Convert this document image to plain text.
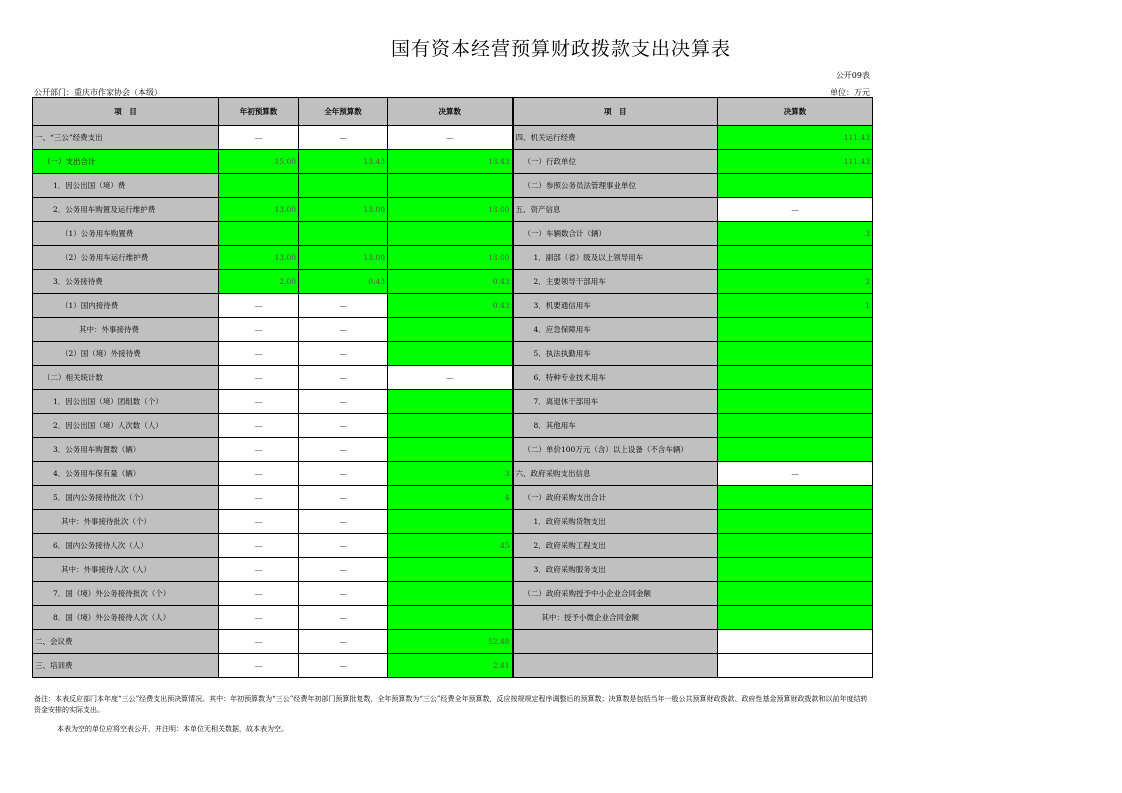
国有资本经营预算财政拨款支出决算表
公开09表
公开部门：重庆市作家协会（本级）	单位：万元
项　目	年初预算数	全年预算数	决算数	项　目	决算数
一、“三公”经费支出	—	—	—	四、机关运行经费	111.43
（一）支出合计	15.00	13.43	13.43	（一）行政单位	111.43
1．因公出国（境）费				（二）参照公务员法管理事业单位	
2．公务用车购置及运行维护费	13.00	13.00	13.00	五、资产信息	—
（1）公务用车购置费				（一）车辆数合计（辆）	3
（2）公务用车运行维护费	13.00	13.00	13.00	1．副部（省）级及以上领导用车	
3．公务接待费	2.00	0.43	0.43	2．主要领导干部用车	2
（1）国内接待费	—	—	0.43	3．机要通信用车	1
其中：外事接待费	—	—		4．应急保障用车	
（2）国（境）外接待费	—	—		5．执法执勤用车	
（二）相关统计数	—	—	—	6．特种专业技术用车	
1．因公出国（境）团组数（个）	—	—		7．离退休干部用车	
2．因公出国（境）人次数（人）	—	—		8．其他用车	
3．公务用车购置数（辆）	—	—		（二）单价100万元（含）以上设备（不含车辆）	
4．公务用车保有量（辆）	—	—	3	六、政府采购支出信息	—
5．国内公务接待批次（个）	—	—	4	（一）政府采购支出合计	
其中：外事接待批次（个）	—	—		1．政府采购货物支出	
6．国内公务接待人次（人）	—	—	45	2．政府采购工程支出	
其中：外事接待人次（人）	—	—		3．政府采购服务支出	
7．国（境）外公务接待批次（个）	—	—		（二）政府采购授予中小企业合同金额	
8．国（境）外公务接待人次（人）	—	—		其中：授予小微企业合同金额	
二、会议费	—	—	52.48		
三、培训费	—	—	2.41		
备注：本表反应部门本年度“三公”经费支出预决算情况。其中：年初预算数为“三公”经费年初部门预算批复数，全年预算数为“三公”经费全年预算数，反应按规规定程序调整后的预算数；决算数是包括当年一般公共预算财政拨款、政府性基金预算财政拨款和以前年度结转资金安排的实际支出。
本表为空的单位应将空表公开，并注明：本单位无相关数据，故本表为空。
